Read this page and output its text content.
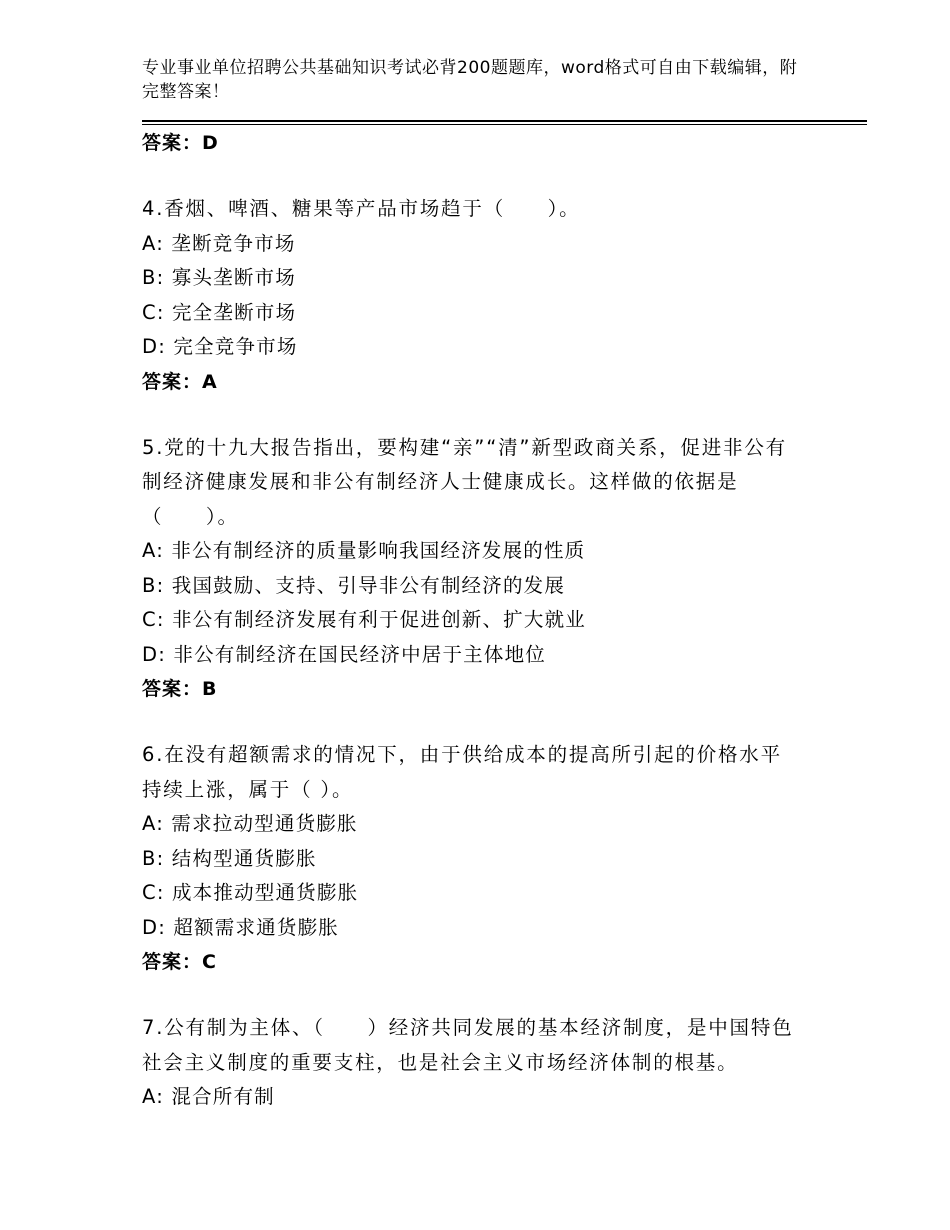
专业事业单位招聘公共基础知识考试必背200题题库，word格式可自由下载编辑，附完整答案！
答案：D
4.香烟、啤酒、糖果等产品市场趋于（　　）。
A: 垄断竞争市场
B: 寡头垄断市场
C: 完全垄断市场
D: 完全竞争市场
答案：A
5.党的十九大报告指出，要构建“亲”“清”新型政商关系，促进非公有制经济健康发展和非公有制经济人士健康成长。这样做的依据是（　　）。
A: 非公有制经济的质量影响我国经济发展的性质
B: 我国鼓励、支持、引导非公有制经济的发展
C: 非公有制经济发展有利于促进创新、扩大就业
D: 非公有制经济在国民经济中居于主体地位
答案：B
6.在没有超额需求的情况下，由于供给成本的提高所引起的价格水平持续上涨，属于（ ）。
A: 需求拉动型通货膨胀
B: 结构型通货膨胀
C: 成本推动型通货膨胀
D: 超额需求通货膨胀
答案：C
7.公有制为主体、（　　）经济共同发展的基本经济制度，是中国特色社会主义制度的重要支柱，也是社会主义市场经济体制的根基。
A: 混合所有制
